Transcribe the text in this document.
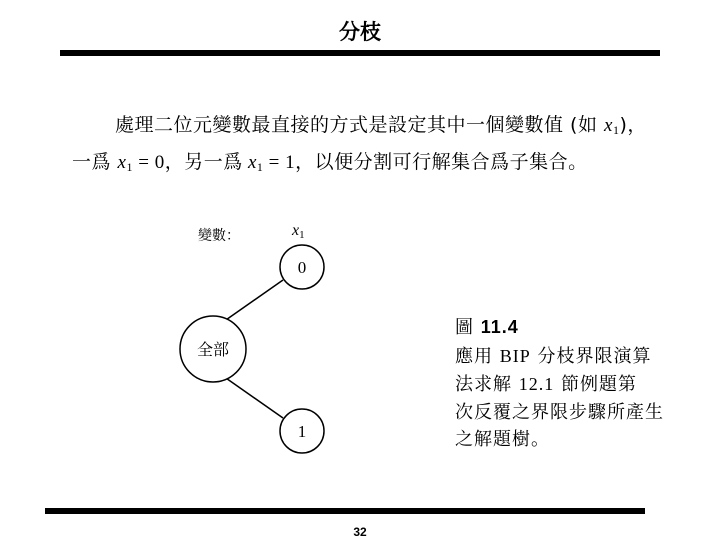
分枝
處理二位元變數最直接的方式是設定其中一個變數值 (如 $x_1$)，
一爲 $x_1 = 0$，另一爲 $x_1 = 1$，以便分割可行解集合爲子集合。
變數：	$x_1$
全部
0
1
圖 11.4
應用 BIP 分枝界限演算
法求解 12.1 節例題第
次反覆之界限步驟所產生
之解題樹。
32
